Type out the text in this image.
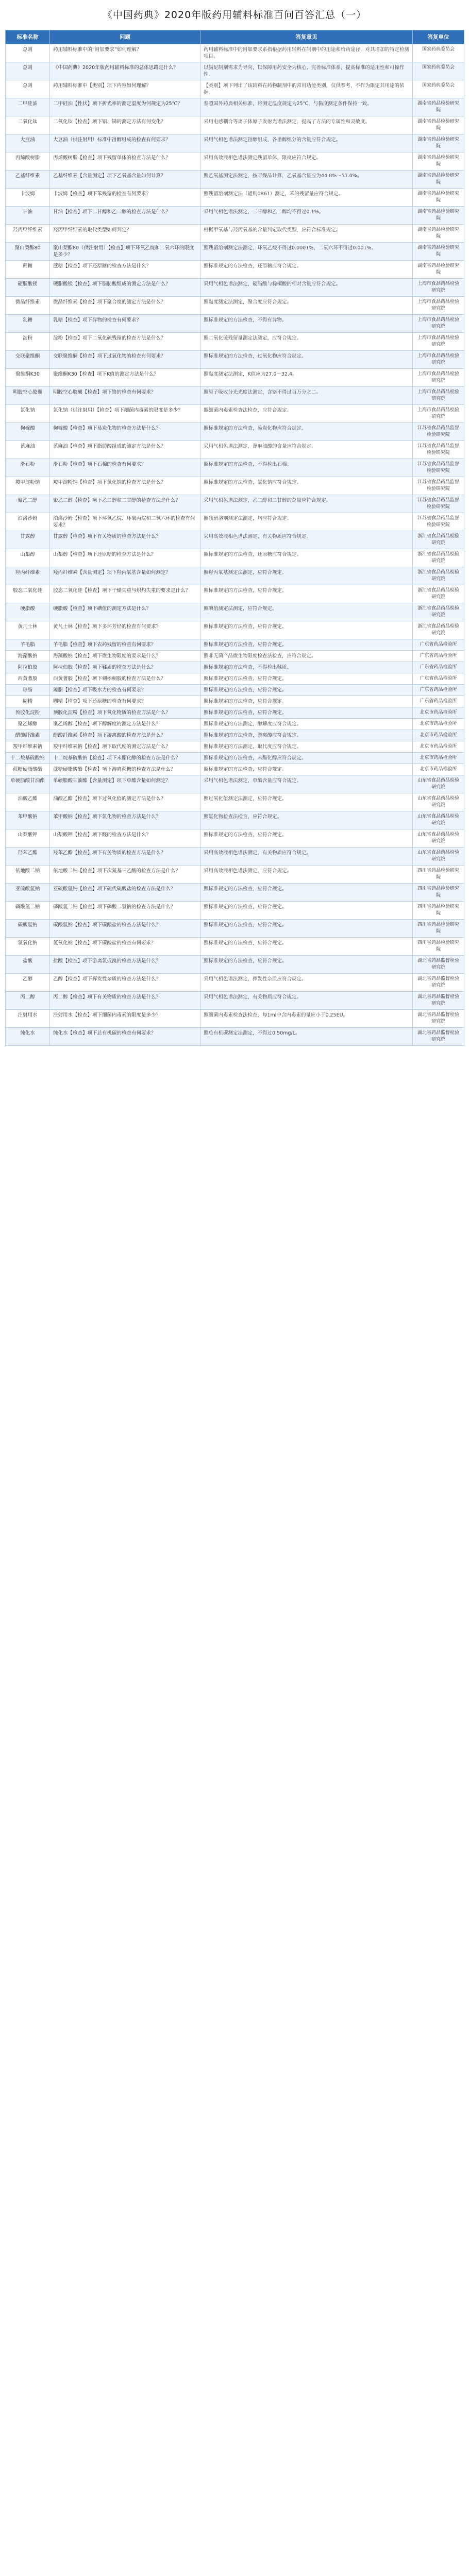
《中国药典》2020年版药用辅料标准百问百答汇总（一）
标准名称	问题	答复意见	答复单位
总则	药用辅料标准中的“附加要求”如何理解？	药用辅料标准中的附加要求系指根据药用辅料在制剂中的用途和给药途径，对其增加的特定检测项目。	国家药典委员会
总则	《中国药典》2020年版药用辅料标准的总体思路是什么？	以满足制剂需求为导向，以保障用药安全为核心，完善标准体系，提高标准的适用性和可操作性。	国家药典委员会
总则	药用辅料标准中【类别】项下内容如何理解？	【类别】项下列出了该辅料在药物制剂中的常用功能类别，仅供参考，不作为限定其用途的依据。	国家药典委员会
二甲硅油	二甲硅油【性状】项下折光率的测定温度为何规定为25℃？	参照国外药典相关标准，将测定温度规定为25℃，与黏度测定条件保持一致。	湖南省药品检验研究院
二氧化钛	二氧化钛【检查】项下铝、锑的测定方法有何变化？	采用电感耦合等离子体原子发射光谱法测定，提高了方法的专属性和灵敏度。	湖南省药品检验研究院
大豆油	大豆油（供注射用）标准中甾醇组成的检查有何要求？	采用气相色谱法测定甾醇组成，各甾醇组分的含量应符合规定。	湖南省药品检验研究院
丙烯酸树脂	丙烯酸树脂【检查】项下残留单体的检查方法是什么？	采用高效液相色谱法测定残留单体，限度应符合规定。	湖南省药品检验研究院
乙基纤维素	乙基纤维素【含量测定】项下乙氧基含量如何计算？	照乙氧基测定法测定，按干燥品计算，乙氧基含量应为44.0%～51.0%。	湖南省药品检验研究院
卡波姆	卡波姆【检查】项下苯残留的检查有何要求？	照残留溶剂测定法（通则0861）测定，苯的残留量应符合规定。	湖南省药品检验研究院
甘油	甘油【检查】项下二甘醇和乙二醇的检查方法是什么？	采用气相色谱法测定，二甘醇和乙二醇均不得过0.1%。	湖南省药品检验研究院
羟丙甲纤维素	羟丙甲纤维素的取代类型如何判定？	根据甲氧基与羟丙氧基的含量判定取代类型，应符合标准规定。	湖南省药品检验研究院
聚山梨酯80	聚山梨酯80（供注射用）【检查】项下环氧乙烷和二氧六环的限度是多少？	照残留溶剂测定法测定，环氧乙烷不得过0.0001%，二氧六环不得过0.001%。	湖南省药品检验研究院
蔗糖	蔗糖【检查】项下还原糖的检查方法是什么？	照标准规定的方法检查，还原糖应符合规定。	湖南省药品检验研究院
硬脂酸镁	硬脂酸镁【检查】项下脂肪酸组成的测定方法是什么？	采用气相色谱法测定，硬脂酸与棕榈酸的相对含量应符合规定。	上海市食品药品检验研究院
微晶纤维素	微晶纤维素【检查】项下聚合度的测定方法是什么？	照黏度测定法测定，聚合度应符合规定。	上海市食品药品检验研究院
乳糖	乳糖【检查】项下异物的检查有何要求？	照标准规定的方法检查，不得有异物。	上海市食品药品检验研究院
淀粉	淀粉【检查】项下二氧化硫残留的检查方法是什么？	照二氧化硫残留量测定法测定，应符合规定。	上海市食品药品检验研究院
交联聚维酮	交联聚维酮【检查】项下过氧化物的检查有何要求？	照标准规定的方法检查，过氧化物应符合规定。	上海市食品药品检验研究院
聚维酮K30	聚维酮K30【检查】项下K值的测定方法是什么？	照黏度测定法测定，K值应为27.0～32.4。	上海市食品药品检验研究院
明胶空心胶囊	明胶空心胶囊【检查】项下铬的检查有何要求？	照原子吸收分光光度法测定，含铬不得过百万分之二。	上海市食品药品检验研究院
氯化钠	氯化钠（供注射用）【检查】项下细菌内毒素的限度是多少？	照细菌内毒素检查法检查，应符合规定。	上海市食品药品检验研究院
枸橼酸	枸橼酸【检查】项下易炭化物的检查方法是什么？	照标准规定的方法检查，易炭化物应符合规定。	江苏省食品药品监督检验研究院
蓖麻油	蓖麻油【检查】项下脂肪酸组成的测定方法是什么？	采用气相色谱法测定，蓖麻油酸的含量应符合规定。	江苏省食品药品监督检验研究院
滑石粉	滑石粉【检查】项下石棉的检查有何要求？	照标准规定的方法检查，不得检出石棉。	江苏省食品药品监督检验研究院
羧甲淀粉钠	羧甲淀粉钠【检查】项下氯化钠的检查方法是什么？	照标准规定的方法检查，氯化钠应符合规定。	江苏省食品药品监督检验研究院
聚乙二醇	聚乙二醇【检查】项下乙二醇和二甘醇的检查方法是什么？	采用气相色谱法测定，乙二醇和二甘醇的总量应符合规定。	江苏省食品药品监督检验研究院
泊洛沙姆	泊洛沙姆【检查】项下环氧乙烷、环氧丙烷和二氧六环的检查有何要求？	照残留溶剂测定法测定，均应符合规定。	江苏省食品药品监督检验研究院
甘露醇	甘露醇【检查】项下有关物质的检查方法是什么？	采用高效液相色谱法测定，有关物质应符合规定。	浙江省食品药品检验研究院
山梨醇	山梨醇【检查】项下还原糖的检查方法是什么？	照标准规定的方法检查，还原糖应符合规定。	浙江省食品药品检验研究院
羟丙纤维素	羟丙纤维素【含量测定】项下羟丙氧基含量如何测定？	照羟丙氧基测定法测定，应符合规定。	浙江省食品药品检验研究院
胶态二氧化硅	胶态二氧化硅【检查】项下干燥失重与炽灼失重的要求是什么？	照标准规定的方法检查，应符合规定。	浙江省食品药品检验研究院
硬脂酸	硬脂酸【检查】项下碘值的测定方法是什么？	照碘值测定法测定，应符合规定。	浙江省食品药品检验研究院
黄凡士林	黄凡士林【检查】项下多环芳烃的检查有何要求？	照标准规定的方法检查，应符合规定。	浙江省食品药品检验研究院
羊毛脂	羊毛脂【检查】项下农药残留的检查有何要求？	照标准规定的方法检查，应符合规定。	广东省药品检验所
海藻酸钠	海藻酸钠【检查】项下微生物限度的要求是什么？	照非无菌产品微生物限度检查法检查，应符合规定。	广东省药品检验所
阿拉伯胶	阿拉伯胶【检查】项下鞣质的检查方法是什么？	照标准规定的方法检查，不得检出鞣质。	广东省药品检验所
西黄蓍胶	西黄蓍胶【检查】项下刺梧桐胶的检查方法是什么？	照标准规定的方法检查，应符合规定。	广东省药品检验所
琼脂	琼脂【检查】项下吸水力的检查有何要求？	照标准规定的方法检查，应符合规定。	广东省药品检验所
糊精	糊精【检查】项下还原糖的检查有何要求？	照标准规定的方法检查，应符合规定。	广东省药品检验所
预胶化淀粉	预胶化淀粉【检查】项下氧化物质的检查方法是什么？	照标准规定的方法检查，应符合规定。	北京市药品检验所
聚乙烯醇	聚乙烯醇【检查】项下醇解度的测定方法是什么？	照标准规定的方法测定，醇解度应符合规定。	北京市药品检验所
醋酸纤维素	醋酸纤维素【检查】项下游离酸的检查方法是什么？	照标准规定的方法检查，游离酸应符合规定。	北京市药品检验所
羧甲纤维素钠	羧甲纤维素钠【检查】项下取代度的测定方法是什么？	照标准规定的方法测定，取代度应符合规定。	北京市药品检验所
十二烷基硫酸钠	十二烷基硫酸钠【检查】项下未酯化醇的检查方法是什么？	照标准规定的方法检查，未酯化醇应符合规定。	北京市药品检验所
蔗糖硬脂酸酯	蔗糖硬脂酸酯【检查】项下游离蔗糖的检查方法是什么？	照标准规定的方法检查，应符合规定。	北京市药品检验所
单硬脂酸甘油酯	单硬脂酸甘油酯【含量测定】项下单酯含量如何测定？	采用气相色谱法测定，单酯含量应符合规定。	山东省食品药品检验研究院
油酸乙酯	油酸乙酯【检查】项下过氧化值的测定方法是什么？	照过氧化值测定法测定，应符合规定。	山东省食品药品检验研究院
苯甲酸钠	苯甲酸钠【检查】项下氯化物的检查方法是什么？	照氯化物检查法检查，应符合规定。	山东省食品药品检验研究院
山梨酸钾	山梨酸钾【检查】项下醛的检查方法是什么？	照标准规定的方法检查，应符合规定。	山东省食品药品检验研究院
羟苯乙酯	羟苯乙酯【检查】项下有关物质的检查方法是什么？	采用高效液相色谱法测定，有关物质应符合规定。	山东省食品药品检验研究院
依地酸二钠	依地酸二钠【检查】项下次氮基三乙酸的检查方法是什么？	采用高效液相色谱法测定，应符合规定。	四川省药品检验研究院
亚硫酸氢钠	亚硫酸氢钠【检查】项下硫代硫酸盐的检查方法是什么？	照标准规定的方法检查，应符合规定。	四川省药品检验研究院
磷酸氢二钠	磷酸氢二钠【检查】项下磷酸二氢钠的检查方法是什么？	照标准规定的方法检查，应符合规定。	四川省药品检验研究院
碳酸氢钠	碳酸氢钠【检查】项下碳酸盐的检查方法是什么？	照标准规定的方法检查，应符合规定。	四川省药品检验研究院
氢氧化钠	氢氧化钠【检查】项下碳酸盐的检查有何要求？	照标准规定的方法检查，应符合规定。	四川省药品检验研究院
盐酸	盐酸【检查】项下游离氯或溴的检查方法是什么？	照标准规定的方法检查，应符合规定。	湖北省药品监督检验研究院
乙醇	乙醇【检查】项下挥发性杂质的检查方法是什么？	采用气相色谱法测定，挥发性杂质应符合规定。	湖北省药品监督检验研究院
丙二醇	丙二醇【检查】项下有关物质的检查方法是什么？	采用气相色谱法测定，有关物质应符合规定。	湖北省药品监督检验研究院
注射用水	注射用水【检查】项下细菌内毒素的限度是多少？	照细菌内毒素检查法检查，每1ml中含内毒素的量应小于0.25EU。	湖北省药品监督检验研究院
纯化水	纯化水【检查】项下总有机碳的检查有何要求？	照总有机碳测定法测定，不得过0.50mg/L。	湖北省药品监督检验研究院
